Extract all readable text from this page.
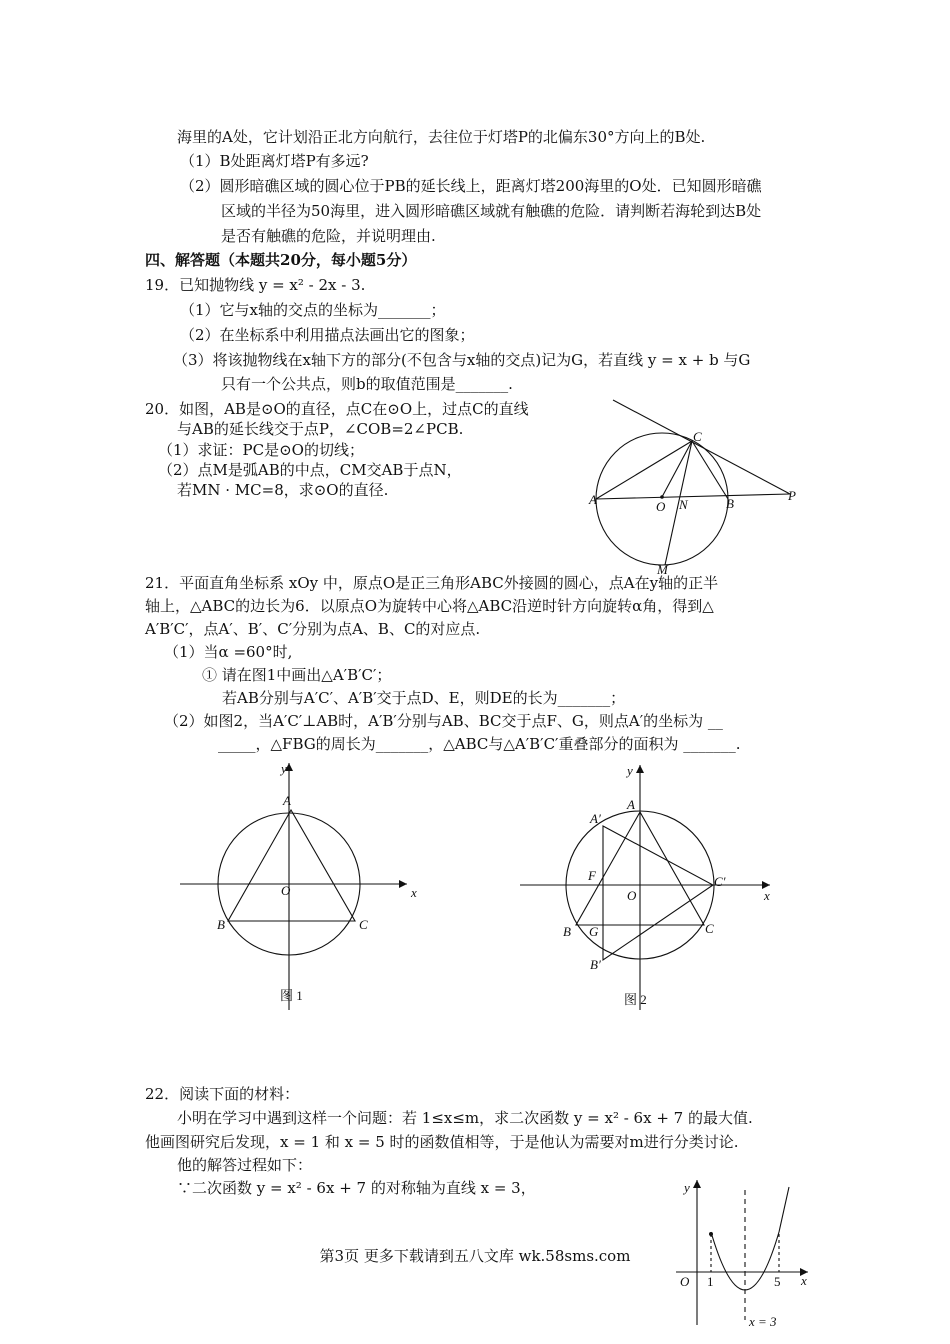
海里的A处，它计划沿正北方向航行，去往位于灯塔P的北偏东30°方向上的B处.
（1）B处距离灯塔P有多远?
（2）圆形暗礁区域的圆心位于PB的延长线上，距离灯塔200海里的O处．已知圆形暗礁
区域的半径为50海里，进入圆形暗礁区域就有触礁的危险．请判断若海轮到达B处
是否有触礁的危险，并说明理由.
四、解答题（本题共20分，每小题5分）
19．已知抛物线 y = x² - 2x - 3.
（1）它与x轴的交点的坐标为_______；
（2）在坐标系中利用描点法画出它的图象；
（3）将该抛物线在x轴下方的部分(不包含与x轴的交点)记为G，若直线 y = x + b 与G
只有一个公共点，则b的取值范围是_______.
20．如图，AB是⊙O的直径，点C在⊙O上，过点C的直线
与AB的延长线交于点P，∠COB=2∠PCB.
（1）求证：PC是⊙O的切线；
（2）点M是弧AB的中点，CM交AB于点N，
若MN · MC=8，求⊙O的直径.
C
A	O N	B
P
M
21．平面直角坐标系 xOy 中，原点O是正三角形ABC外接圆的圆心，点A在y轴的正半
轴上，△ABC的边长为6．以原点O为旋转中心将△ABC沿逆时针方向旋转α角，得到△
A′B′C′，点A′、B′、C′分别为点A、B、C的对应点.
（1）当α =60°时,
① 请在图1中画出△A′B′C′；
若AB分别与A′C′、A′B′交于点D、E，则DE的长为_______；
（2）如图2，当A′C′⊥AB时，A′B′分别与AB、BC交于点F、G，则点A′的坐标为 __
_____，△FBG的周长为_______，△ABC与△A′B′C′重叠部分的面积为 _______.
x
y
A
O
B	C
图 1
x
y
A
A′
F
O
C′
B G	C
B′
图 2
22．阅读下面的材料：
小明在学习中遇到这样一个问题：若 1≤x≤m，求二次函数 y = x² - 6x + 7 的最大值.
他画图研究后发现，x = 1 和 x = 5 时的函数值相等，于是他认为需要对m进行分类讨论.
他的解答过程如下：
∵二次函数 y = x² - 6x + 7 的对称轴为直线 x = 3，	y
x
O 1	5
x = 3
第3页 更多下载请到五八文库 wk.58sms.com
